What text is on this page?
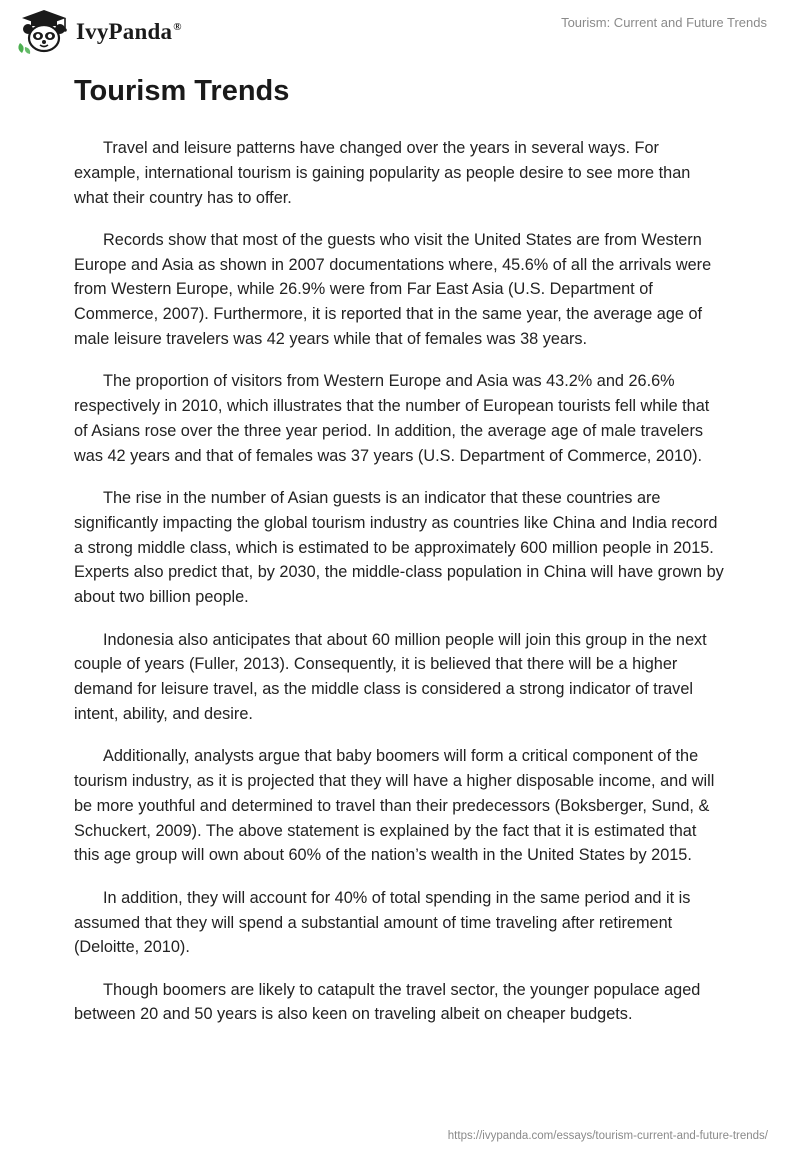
IvyPanda®	Tourism: Current and Future Trends
Tourism Trends

Travel and leisure patterns have changed over the years in several ways. For example, international tourism is gaining popularity as people desire to see more than what their country has to offer.

Records show that most of the guests who visit the United States are from Western Europe and Asia as shown in 2007 documentations where, 45.6% of all the arrivals were from Western Europe, while 26.9% were from Far East Asia (U.S. Department of Commerce, 2007). Furthermore, it is reported that in the same year, the average age of male leisure travelers was 42 years while that of females was 38 years.

The proportion of visitors from Western Europe and Asia was 43.2% and 26.6% respectively in 2010, which illustrates that the number of European tourists fell while that of Asians rose over the three year period. In addition, the average age of male travelers was 42 years and that of females was 37 years (U.S. Department of Commerce, 2010).

The rise in the number of Asian guests is an indicator that these countries are significantly impacting the global tourism industry as countries like China and India record a strong middle class, which is estimated to be approximately 600 million people in 2015. Experts also predict that, by 2030, the middle-class population in China will have grown by about two billion people.

Indonesia also anticipates that about 60 million people will join this group in the next couple of years (Fuller, 2013). Consequently, it is believed that there will be a higher demand for leisure travel, as the middle class is considered a strong indicator of travel intent, ability, and desire.

Additionally, analysts argue that baby boomers will form a critical component of the tourism industry, as it is projected that they will have a higher disposable income, and will be more youthful and determined to travel than their predecessors (Boksberger, Sund, & Schuckert, 2009). The above statement is explained by the fact that it is estimated that this age group will own about 60% of the nation’s wealth in the United States by 2015.

In addition, they will account for 40% of total spending in the same period and it is assumed that they will spend a substantial amount of time traveling after retirement (Deloitte, 2010).

Though boomers are likely to catapult the travel sector, the younger populace aged between 20 and 50 years is also keen on traveling albeit on cheaper budgets.

https://ivypanda.com/essays/tourism-current-and-future-trends/
